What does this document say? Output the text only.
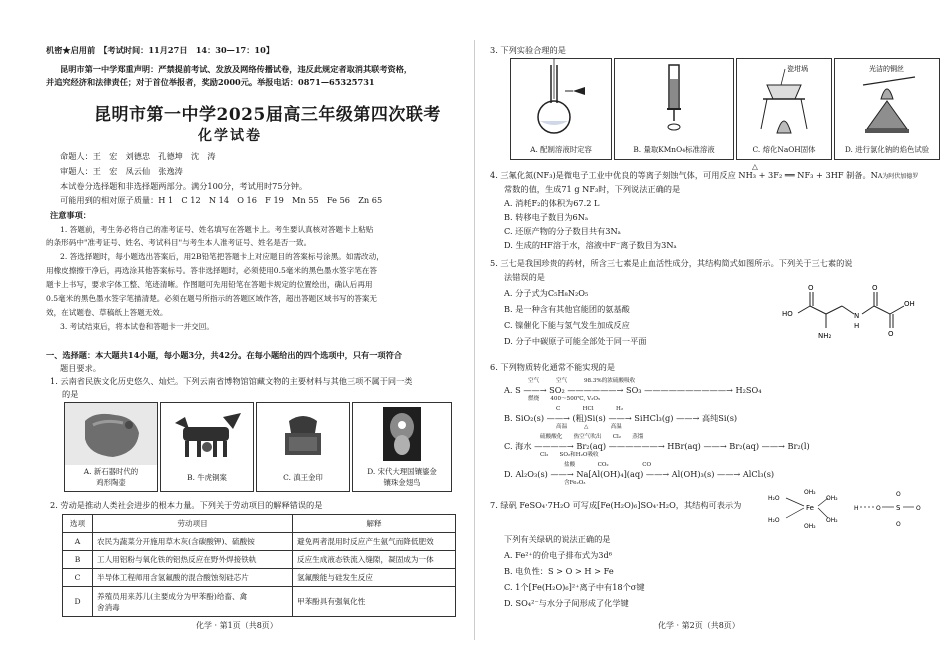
机密★启用前　【考试时间：11月27日　14：30—17：10】
昆明市第一中学郑重声明：严禁提前考试、发放及网络传播试卷，违反此规定者取消其联考资格，
并追究经济和法律责任；对于首位举报者，奖励2000元。举报电话：0871—65325731
昆明市第一中学2025届高三年级第四次联考
化学试卷
命题人：王　宏　刘德忠　孔德坤　沈　涛
审题人：王　宏　凤云仙　张逸涛
本试卷分选择题和非选择题两部分。满分100分，考试用时75分钟。
可能用到的相对原子质量：H 1　C 12　N 14　O 16　F 19　Mn 55　Fe 56　Zn 65
注意事项：
1. 答题前，考生务必将自己的准考证号、姓名填写在答题卡上。考生要认真核对答题卡上粘贴
的条形码中"准考证号、姓名、考试科目"与考生本人准考证号、姓名是否一致。
2. 答选择题时，每小题选出答案后，用2B铅笔把答题卡上对应题目的答案标号涂黑。如需改动，
用橡皮擦擦干净后，再选涂其他答案标号。答非选择题时，必须使用0.5毫米的黑色墨水签字笔在答
题卡上书写，要求字体工整、笔迹清晰。作图题可先用铅笔在答题卡规定的位置绘出，确认后再用
0.5毫米的黑色墨水签字笔描清楚。必须在题号所指示的答题区域作答，超出答题区域书写的答案无
效，在试题卷、草稿纸上答题无效。
3. 考试结束后，将本试卷和答题卡一并交回。
一、选择题：本大题共14小题，每小题3分，共42分。在每小题给出的四个选项中，只有一项符合
题目要求。
1. 云南省民族文化历史悠久、灿烂。下列云南省博物馆馆藏文物的主要材料与其他三项不属于同一类
的是
A. 新石器时代的
鸡形陶壶
B. 牛虎铜案	C. 滇王金印
D. 宋代大理国镶鎏金
镶珠金翅鸟
2. 劳动是推动人类社会进步的根本力量。下列关于劳动项目的解释错误的是
选项	劳动项目	解释
A	农民为蔬菜分开施用草木灰(含碳酸钾)、硫酸铵	避免两者混用时反应产生氨气而降低肥效
B	工人用铝粉与氧化铁的铝热反应在野外焊接铁轨	反应生成液态铁流入缝隙，凝固成为一体
C	半导体工程师用含氢氟酸的混合酸蚀刻硅芯片	氢氟酸能与硅发生反应
D	养殖员用来苏儿(主要成分为甲苯酚)给畜、禽
舍消毒	甲苯酚具有强氧化性
化学 · 第1页（共8页）
3. 下列实验合理的是
A. 配制溶液时定容	B. 量取KMnO₄标准溶液
瓷坩埚
C. 熔化NaOH固体
光洁的铜丝
D. 进行氯化钠的焰色试验
4. 三氟化氮(NF₃)是微电子工业中优良的等离子刻蚀气体，可用反应 NH₃ + 3F₂ ══ NF₃ + 3HF 制备。NA为阿伏加德罗
△
常数的值，生成71 g NF₃时，下列说法正确的是
A. 消耗F₂的体积为67.2 L
B. 转移电子数目为6Nₐ
C. 还原产物的分子数目共有3Nₐ
D. 生成的HF溶于水，溶液中F⁻离子数目为3Nₐ
5. 三七是我国珍贵的药材，所含三七素是止血活性成分，其结构简式如图所示。下列关于三七素的说
法错误的是
A. 分子式为C₅H₈N₂O₅
B. 是一种含有其他官能团的氨基酸
C. 镍催化下能与氢气发生加成反应
D. 分子中碳原子可能全部处于同一平面
HO
O
NH₂
N
H
O
O
OH
6. 下列物质转化通常不能实现的是
空气　　　空气　　　98.3%的浓硫酸吸收
A. S ——→ SO₂ ——————→ SO₃ ——————————→ H₂SO₄
燃烧　　400～500℃, V₂O₅
C　　　　HCl　　　　H₂
B. SiO₂(s) ——→ (粗)Si(s) ——→ SiHCl₃(g) ——→ 高纯Si(s)
高温　　　△　　　　高温
硫酸酸化　　热空气吹出　　Cl₂　　蒸馏
C. 海水 ————→ Br₂(aq) ——————→ HBr(aq) ——→ Br₂(aq) ——→ Br₂(l)
Cl₂　　SO₂和H₂O吸收
盐酸　　　　CO₂　　　　　　CO
D. Al₂O₃(s) ——→ Na[Al(OH)₄](aq) ——→ Al(OH)₃(s) ——→ AlCl₃(s)
含Fe₂O₃
7. 绿矾 FeSO₄·7H₂O 可写成[Fe(H₂O)₆]SO₄·H₂O，其结构可表示为	Fe
H₂O
H₂O
OH₂
OH₂
OH₂
OH₂
H	O S
O
O
O
下列有关绿矾的说法正确的是
A. Fe²⁺的价电子排布式为3d⁶
B. 电负性：S > O > H > Fe
C. 1个[Fe(H₂O)₆]²⁺离子中有18个σ键
D. SO₄²⁻与水分子间形成了化学键
化学 · 第2页（共8页）
